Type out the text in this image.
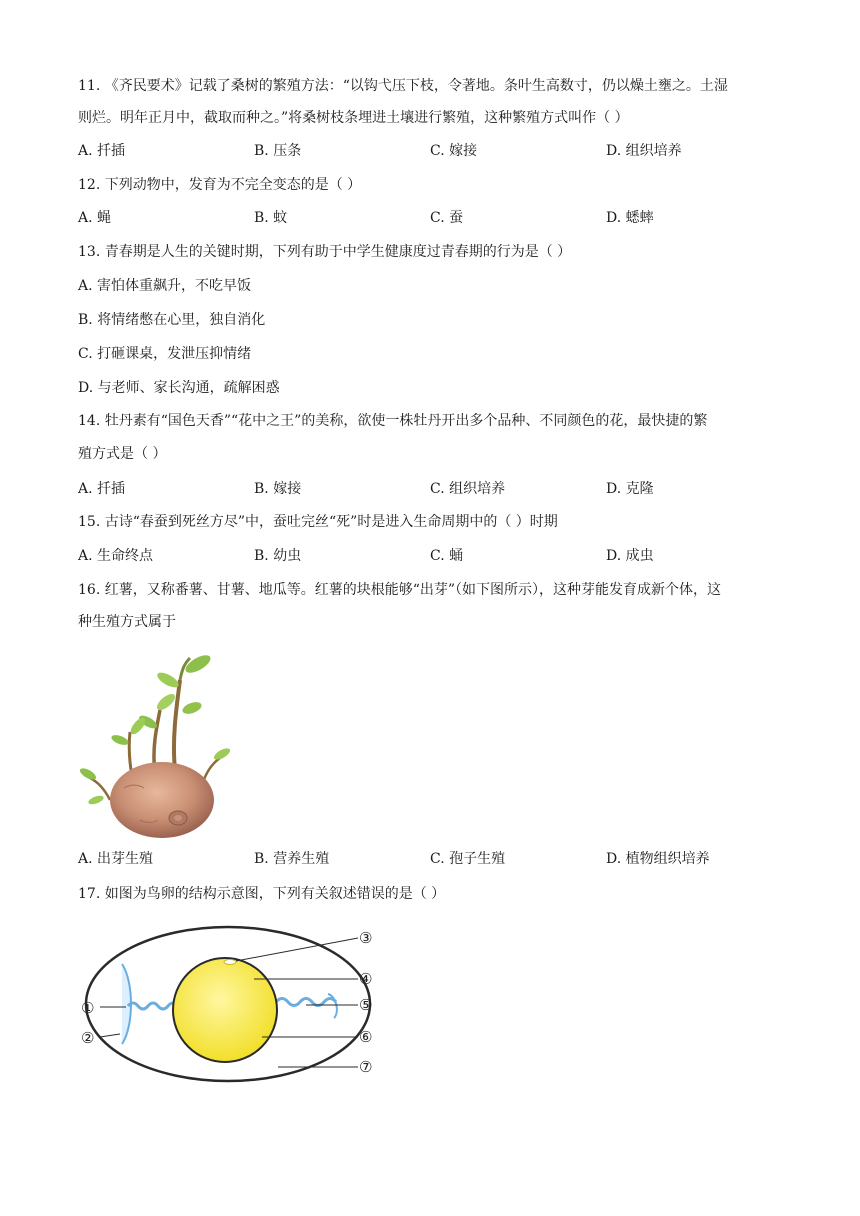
11. 《齐民要术》记载了桑树的繁殖方法：“以钩弋压下枝，令著地。条叶生高数寸，仍以燥土壅之。土湿
则烂。明年正月中，截取而种之。”将桑树枝条埋进土壤进行繁殖，这种繁殖方式叫作（ ）
A. 扦插	B. 压条	C. 嫁接	D. 组织培养
12. 下列动物中，发育为不完全变态的是（ ）
A. 蝇	B. 蚊	C. 蚕	D. 蟋蟀
13. 青春期是人生的关键时期，下列有助于中学生健康度过青春期的行为是（ ）
A. 害怕体重飙升，不吃早饭
B. 将情绪憋在心里，独自消化
C. 打砸课桌，发泄压抑情绪
D. 与老师、家长沟通，疏解困惑
14. 牡丹素有“国色天香”“花中之王”的美称，欲使一株牡丹开出多个品种、不同颜色的花，最快捷的繁
殖方式是（ ）
A. 扦插	B. 嫁接	C. 组织培养	D. 克隆
15. 古诗“春蚕到死丝方尽”中，蚕吐完丝“死”时是进入生命周期中的（ ）时期
A. 生命终点	B. 幼虫	C. 蛹	D. 成虫
16. 红薯，又称番薯、甘薯、地瓜等。红薯的块根能够“出芽”（如下图所示），这种芽能发育成新个体，这
种生殖方式属于
A. 出芽生殖	B. 营养生殖	C. 孢子生殖	D. 植物组织培养
17. 如图为鸟卵的结构示意图，下列有关叙述错误的是（ ）
①
②
③
④
⑤
⑥
⑦
